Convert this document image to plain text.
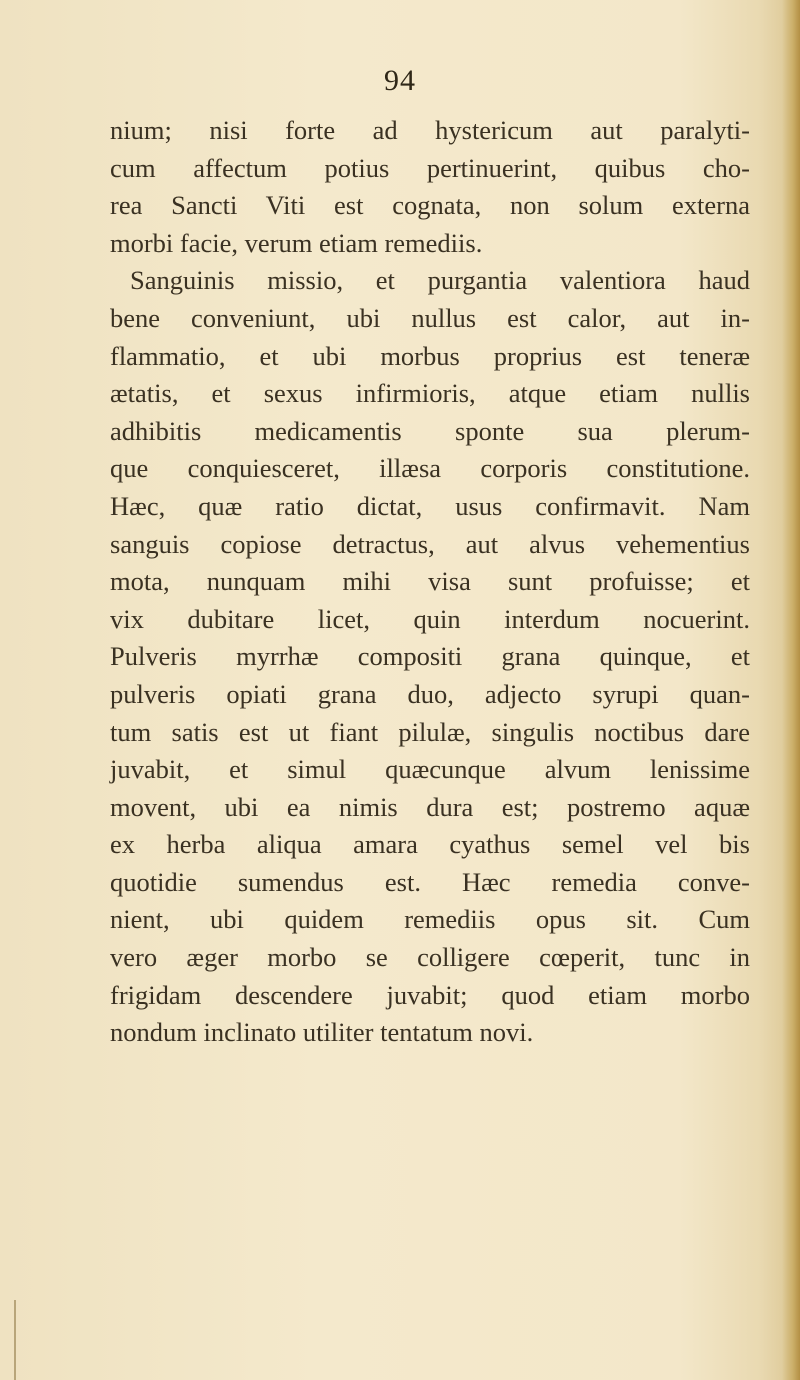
94
nium; nisi forte ad hystericum aut paralyti-
cum affectum potius pertinuerint, quibus cho-
rea Sancti Viti est cognata, non solum externa
morbi facie, verum etiam remediis.
Sanguinis missio, et purgantia valentiora haud
bene conveniunt, ubi nullus est calor, aut in-
flammatio, et ubi morbus proprius est teneræ
ætatis, et sexus infirmioris, atque etiam nullis
adhibitis medicamentis sponte sua plerum-
que conquiesceret, illæsa corporis constitutione.
Hæc, quæ ratio dictat, usus confirmavit. Nam
sanguis copiose detractus, aut alvus vehementius
mota, nunquam mihi visa sunt profuisse; et
vix dubitare licet, quin interdum nocuerint.
Pulveris myrrhæ compositi grana quinque, et
pulveris opiati grana duo, adjecto syrupi quan-
tum satis est ut fiant pilulæ, singulis noctibus dare
juvabit, et simul quæcunque alvum lenissime
movent, ubi ea nimis dura est; postremo aquæ
ex herba aliqua amara cyathus semel vel bis
quotidie sumendus est. Hæc remedia conve-
nient, ubi quidem remediis opus sit. Cum
vero æger morbo se colligere cœperit, tunc in
frigidam descendere juvabit; quod etiam morbo
nondum inclinato utiliter tentatum novi.
